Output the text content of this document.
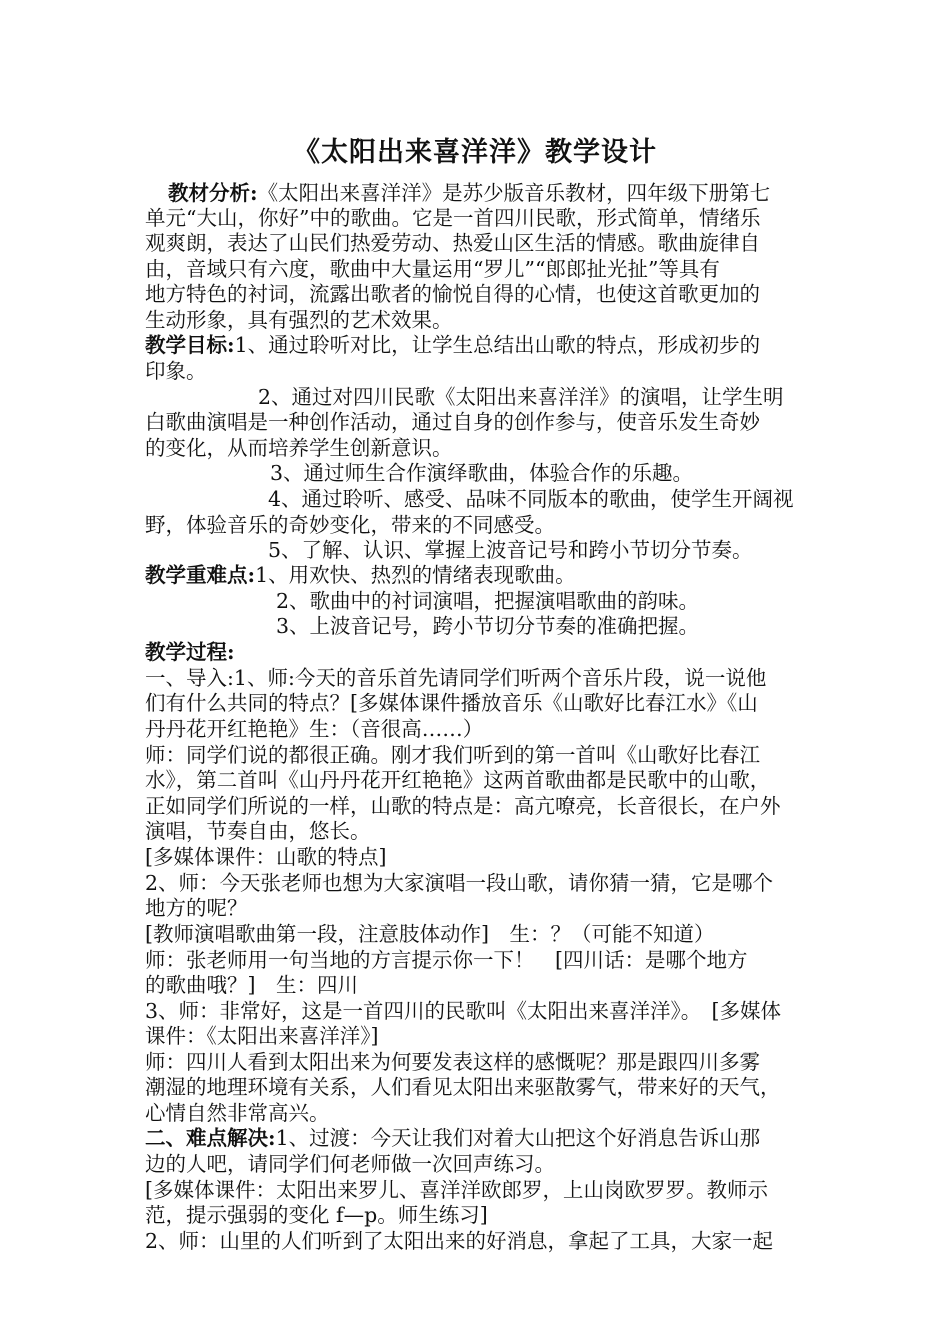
《太阳出来喜洋洋》教学设计
教材分析:《太阳出来喜洋洋》是苏少版音乐教材，四年级下册第七
单元“大山，你好”中的歌曲。它是一首四川民歌，形式简单，情绪乐
观爽朗，表达了山民们热爱劳动、热爱山区生活的情感。歌曲旋律自
由，音域只有六度，歌曲中大量运用“罗儿”“郎郎扯光扯”等具有
地方特色的衬词，流露出歌者的愉悦自得的心情，也使这首歌更加的
生动形象，具有强烈的艺术效果。
教学目标:1、通过聆听对比，让学生总结出山歌的特点，形成初步的
印象。
2、通过对四川民歌《太阳出来喜洋洋》的演唱，让学生明
白歌曲演唱是一种创作活动，通过自身的创作参与，使音乐发生奇妙
的变化，从而培养学生创新意识。
3、通过师生合作演绎歌曲，体验合作的乐趣。
4、通过聆听、感受、品味不同版本的歌曲，使学生开阔视
野，体验音乐的奇妙变化，带来的不同感受。
5、了解、认识、掌握上波音记号和跨小节切分节奏。
教学重难点:1、用欢快、热烈的情绪表现歌曲。
2、歌曲中的衬词演唱，把握演唱歌曲的韵味。
3、上波音记号，跨小节切分节奏的准确把握。
教学过程:
一、导入:1、师:今天的音乐首先请同学们听两个音乐片段，说一说他
们有什么共同的特点？[多媒体课件播放音乐《山歌好比春江水》《山
丹丹花开红艳艳》生：（音很高……）
师：同学们说的都很正确。刚才我们听到的第一首叫《山歌好比春江
水》，第二首叫《山丹丹花开红艳艳》这两首歌曲都是民歌中的山歌，
正如同学们所说的一样，山歌的特点是：高亢嘹亮，长音很长，在户外
演唱，节奏自由，悠长。
[多媒体课件：山歌的特点]
2、师：今天张老师也想为大家演唱一段山歌，请你猜一猜，它是哪个
地方的呢？
[教师演唱歌曲第一段，注意肢体动作]　生：？（可能不知道）
师：张老师用一句当地的方言提示你一下！　[四川话：是哪个地方
的歌曲哦？]　生：四川
3、师：非常好，这是一首四川的民歌叫《太阳出来喜洋洋》。　[多媒体
课件：《太阳出来喜洋洋》]
师：四川人看到太阳出来为何要发表这样的感慨呢？那是跟四川多雾
潮湿的地理环境有关系，人们看见太阳出来驱散雾气，带来好的天气，
心情自然非常高兴。
二、难点解决:1、过渡：今天让我们对着大山把这个好消息告诉山那
边的人吧，请同学们何老师做一次回声练习。
[多媒体课件：太阳出来罗儿、喜洋洋欧郎罗，上山岗欧罗罗。教师示
范，提示强弱的变化 f—p。师生练习]
2、师：山里的人们听到了太阳出来的好消息，拿起了工具，大家一起
